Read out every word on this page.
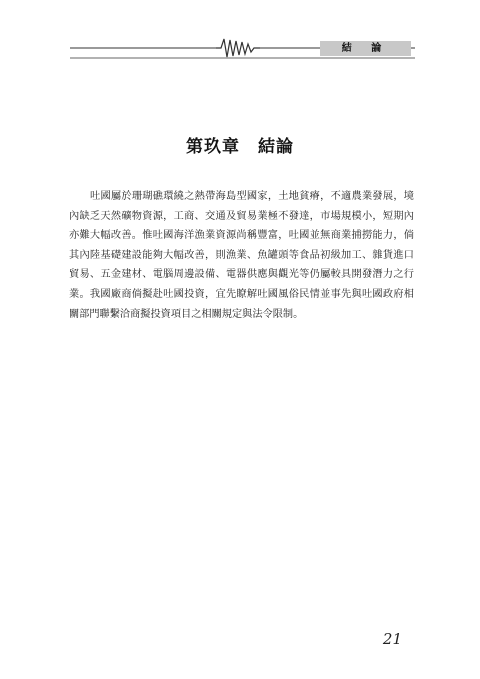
結 論
第玖章　結論

吐國屬於珊瑚礁環繞之熱帶海島型國家，土地貧瘠，不適農業發展，境內缺乏天然礦物資源，工商、交通及貿易業極不發達，市場規模小，短期內亦難大幅改善。惟吐國海洋漁業資源尚稱豐富，吐國並無商業捕撈能力，倘其內陸基礎建設能夠大幅改善，則漁業、魚罐頭等食品初級加工、雜貨進口貿易、五金建材、電腦周邊設備、電器供應與觀光等仍屬較具開發潛力之行業。我國廠商倘擬赴吐國投資，宜先瞭解吐國風俗民情並事先與吐國政府相關部門聯繫洽商擬投資項目之相關規定與法令限制。

21
